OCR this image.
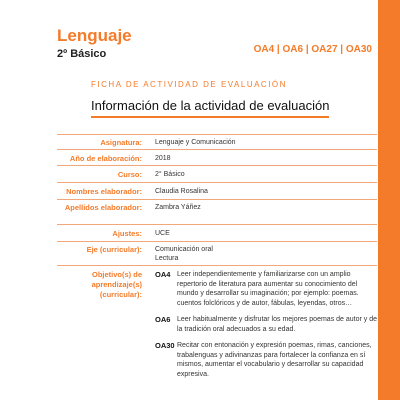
Lenguaje
2º Básico	OA4 | OA6 | OA27 | OA30
FICHA DE ACTIVIDAD DE EVALUACIÓN
Información de la actividad de evaluación
Asignatura:	Lenguaje y Comunicación
Año de elaboración:	2018
Curso:	2° Básico
Nombres elaborador:	Claudia Rosalina
Apellidos elaborador:	Zambra Yáñez
Ajustes:	UCE
Eje (curricular):	Comunicación oral
Lectura
Objetivo(s) de aprendizaje(s) (curricular):
OA4 Leer independientemente y familiarizarse con un amplio repertorio de literatura para aumentar su conocimiento del mundo y desarrollar su imaginación; por ejemplo: poemas. cuentos folclóricos y de autor, fábulas, leyendas, otros…
OA6 Leer habitualmente y disfrutar los mejores poemas de autor y de la tradición oral adecuados a su edad.
OA30 Recitar con entonación y expresión poemas, rimas, canciones, trabalenguas y adivinanzas para fortalecer la confianza en sí mismos, aumentar el vocabulario y desarrollar su capacidad expresiva.
